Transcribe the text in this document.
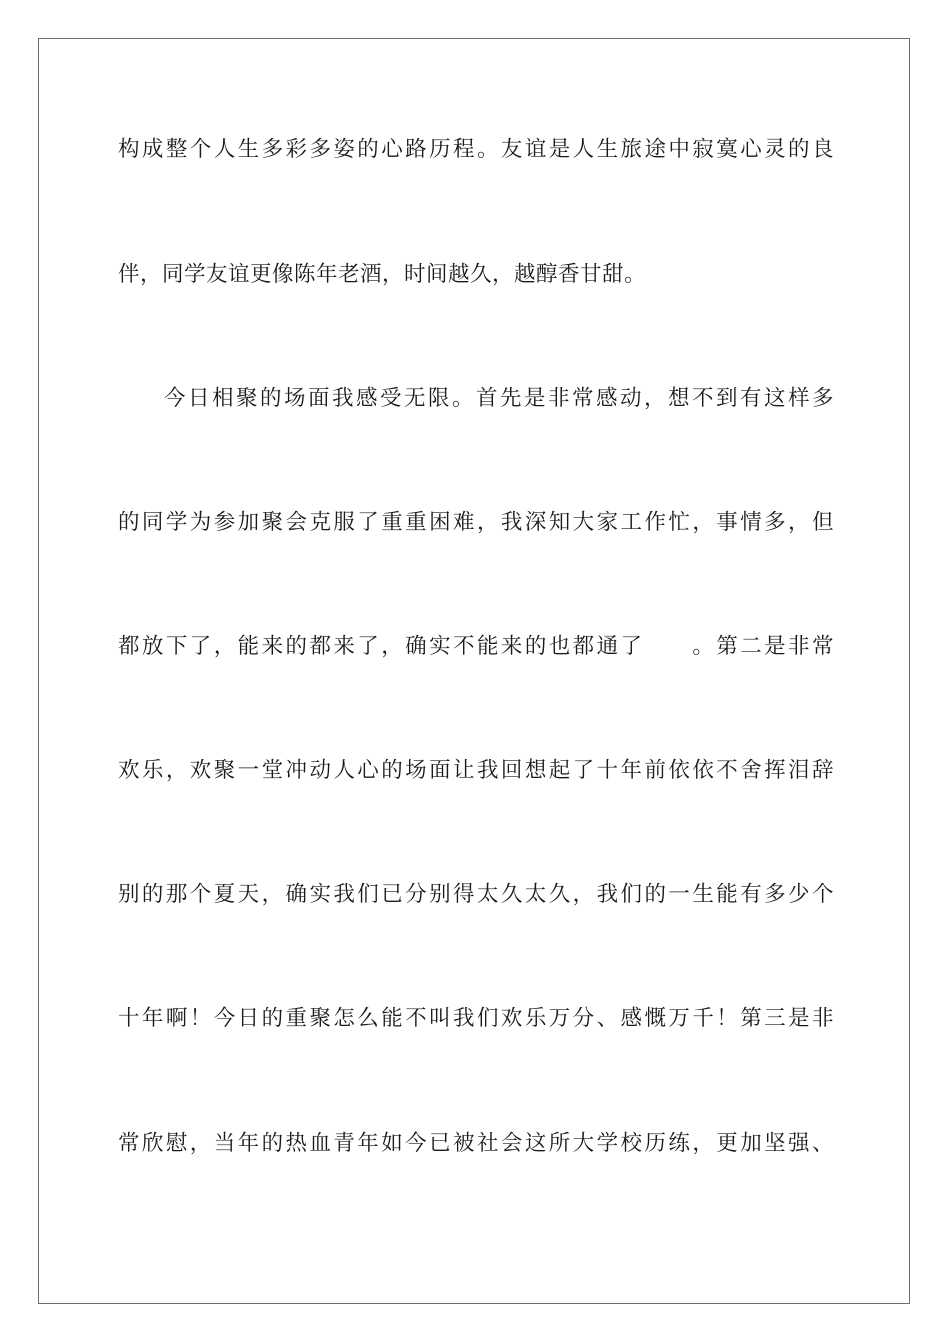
构成整个人生多彩多姿的心路历程。友谊是人生旅途中寂寞心灵的良
伴，同学友谊更像陈年老酒，时间越久，越醇香甘甜。
今日相聚的场面我感受无限。首先是非常感动，想不到有这样多
的同学为参加聚会克服了重重困难，我深知大家工作忙，事情多，但
都放下了，能来的都来了，确实不能来的也都通了　　。第二是非常
欢乐，欢聚一堂冲动人心的场面让我回想起了十年前依依不舍挥泪辞
别的那个夏天，确实我们已分别得太久太久，我们的一生能有多少个
十年啊！今日的重聚怎么能不叫我们欢乐万分、感慨万千！第三是非
常欣慰，当年的热血青年如今已被社会这所大学校历练，更加坚强、
